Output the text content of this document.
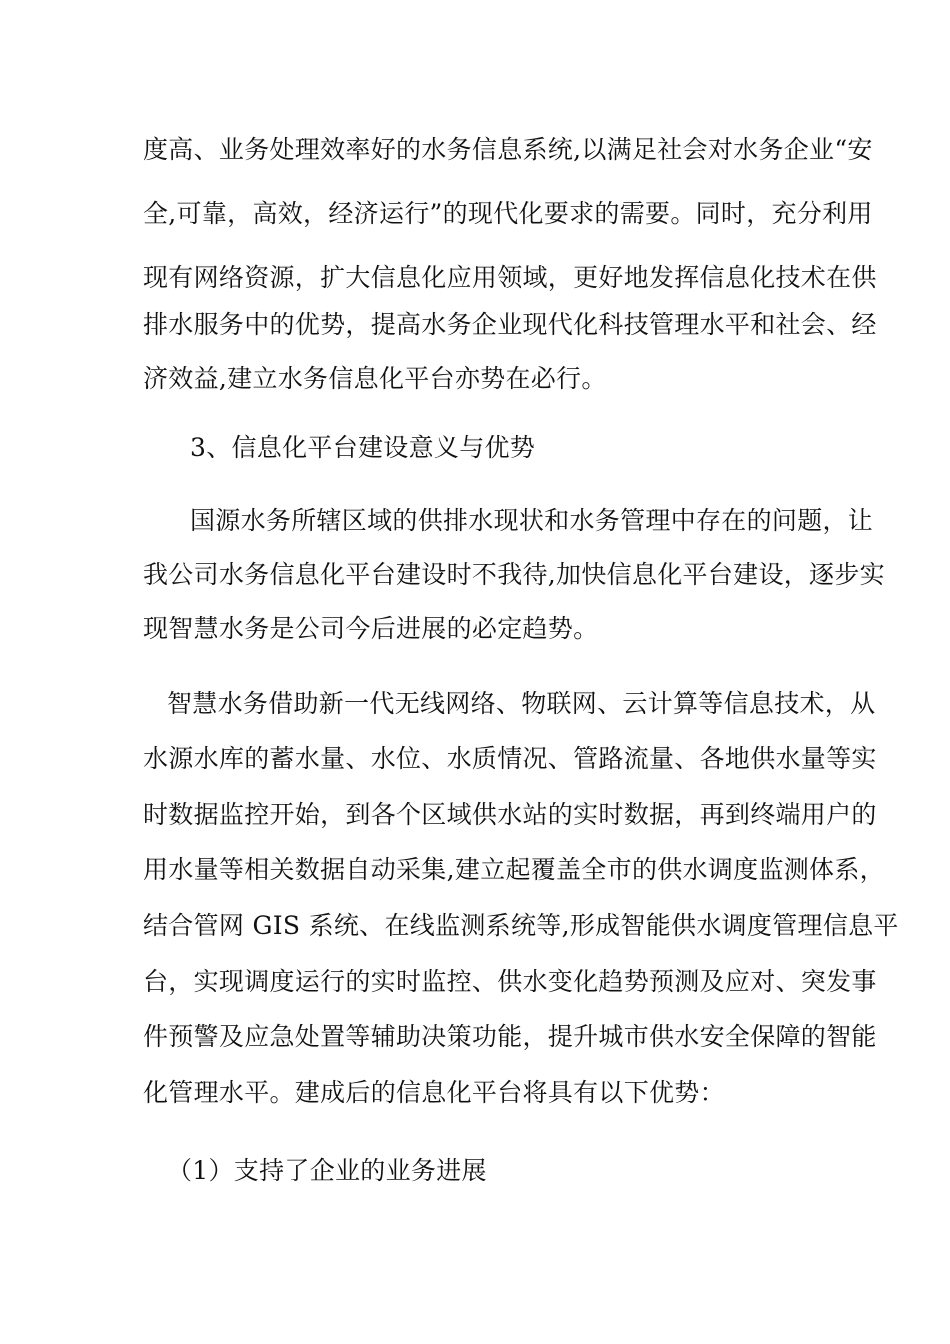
度高、业务处理效率好的水务信息系统,以满足社会对水务企业“安
全,可靠，高效，经济运行”的现代化要求的需要。同时，充分利用
现有网络资源，扩大信息化应用领域，更好地发挥信息化技术在供
排水服务中的优势，提高水务企业现代化科技管理水平和社会、经
济效益,建立水务信息化平台亦势在必行。
3、信息化平台建设意义与优势
国源水务所辖区域的供排水现状和水务管理中存在的问题，让
我公司水务信息化平台建设时不我待,加快信息化平台建设，逐步实
现智慧水务是公司今后进展的必定趋势。
智慧水务借助新一代无线网络、物联网、云计算等信息技术，从
水源水库的蓄水量、水位、水质情况、管路流量、各地供水量等实
时数据监控开始，到各个区域供水站的实时数据，再到终端用户的
用水量等相关数据自动采集,建立起覆盖全市的供水调度监测体系，
结合管网 GIS 系统、在线监测系统等,形成智能供水调度管理信息平
台，实现调度运行的实时监控、供水变化趋势预测及应对、突发事
件预警及应急处置等辅助决策功能，提升城市供水安全保障的智能
化管理水平。建成后的信息化平台将具有以下优势：
（1）支持了企业的业务进展
